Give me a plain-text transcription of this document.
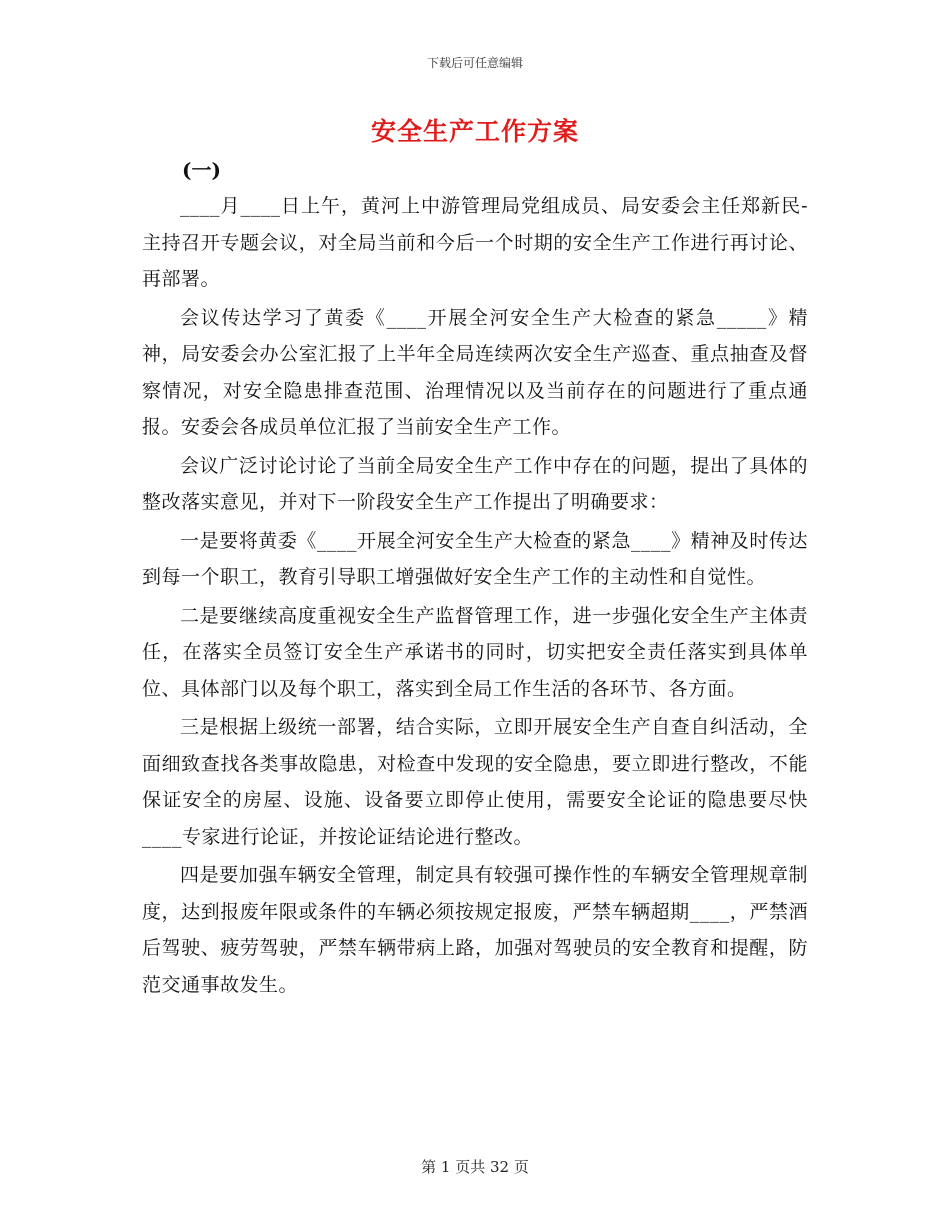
下载后可任意编辑
安全生产工作方案

(一)

____月____日上午，黄河上中游管理局党组成员、局安委会主任郑新民-主持召开专题会议，对全局当前和今后一个时期的安全生产工作进行再讨论、再部署。

会议传达学习了黄委《____开展全河安全生产大检查的紧急_____》精神，局安委会办公室汇报了上半年全局连续两次安全生产巡查、重点抽查及督察情况，对安全隐患排查范围、治理情况以及当前存在的问题进行了重点通报。安委会各成员单位汇报了当前安全生产工作。

会议广泛讨论讨论了当前全局安全生产工作中存在的问题，提出了具体的整改落实意见，并对下一阶段安全生产工作提出了明确要求：

一是要将黄委《____开展全河安全生产大检查的紧急____》精神及时传达到每一个职工，教育引导职工增强做好安全生产工作的主动性和自觉性。

二是要继续高度重视安全生产监督管理工作，进一步强化安全生产主体责任，在落实全员签订安全生产承诺书的同时，切实把安全责任落实到具体单位、具体部门以及每个职工，落实到全局工作生活的各环节、各方面。

三是根据上级统一部署，结合实际，立即开展安全生产自查自纠活动，全面细致查找各类事故隐患，对检查中发现的安全隐患，要立即进行整改，不能保证安全的房屋、设施、设备要立即停止使用，需要安全论证的隐患要尽快____专家进行论证，并按论证结论进行整改。

四是要加强车辆安全管理，制定具有较强可操作性的车辆安全管理规章制度，达到报废年限或条件的车辆必须按规定报废，严禁车辆超期____，严禁酒后驾驶、疲劳驾驶，严禁车辆带病上路，加强对驾驶员的安全教育和提醒，防范交通事故发生。

第 1 页共 32 页
